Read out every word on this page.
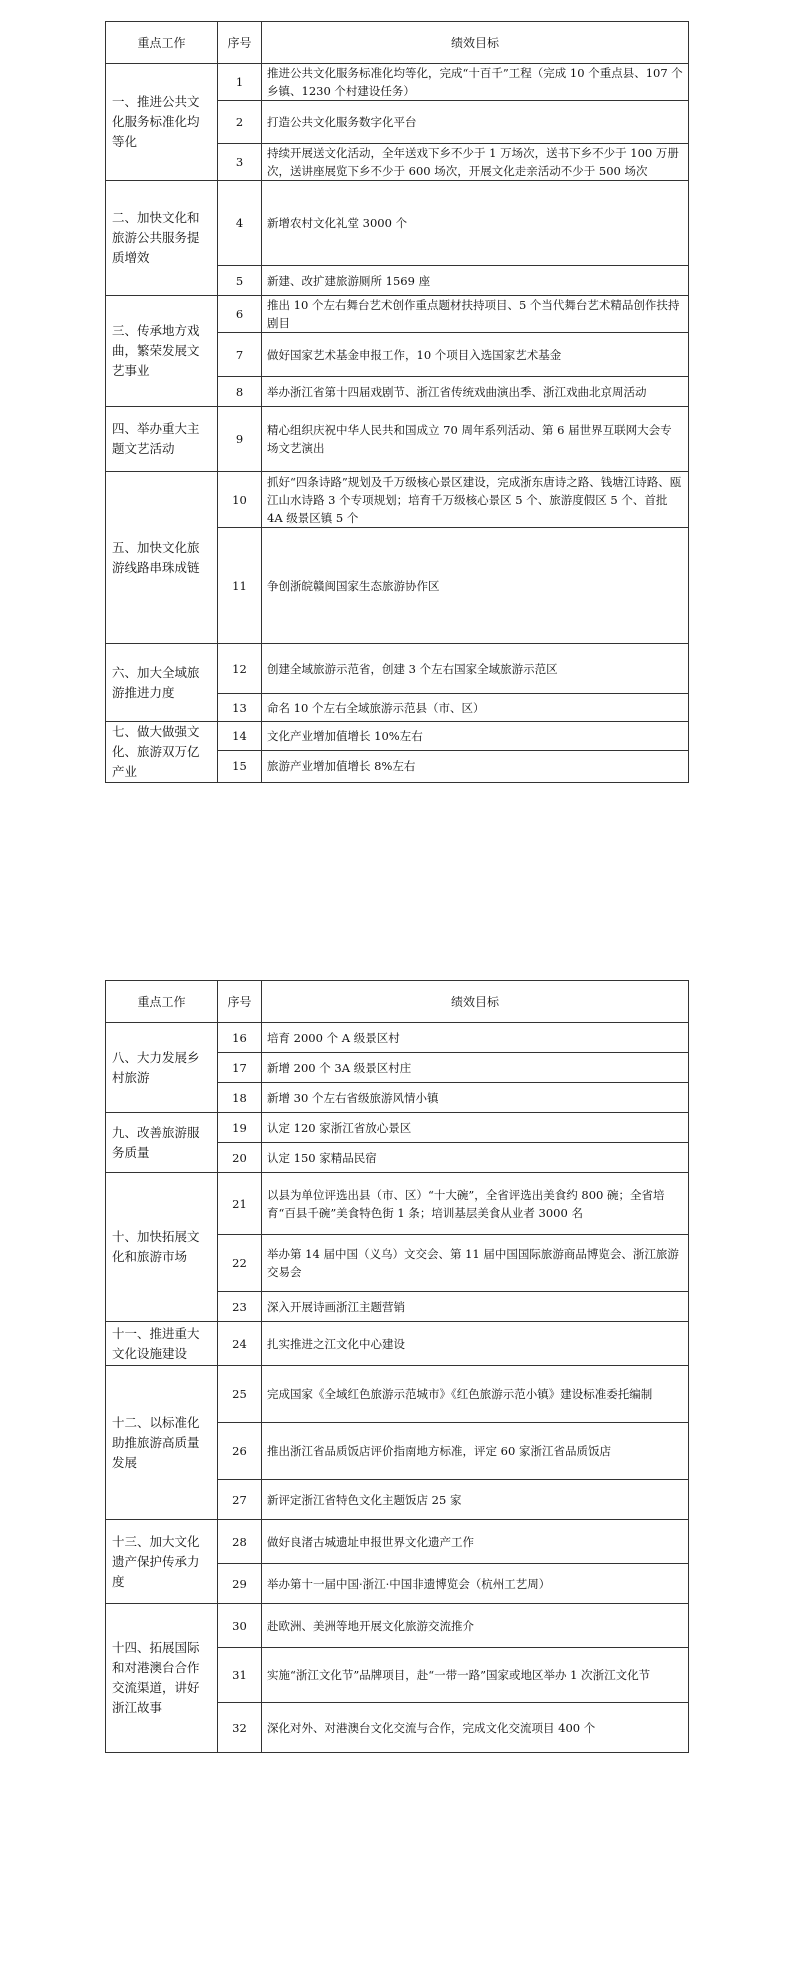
重点工作	序号	绩效目标
一、推进公共文化服务标准化均等化	1	推进公共文化服务标准化均等化，完成“十百千”工程（完成 10 个重点县、107 个乡镇、1230 个村建设任务）
	2	打造公共文化服务数字化平台
	3	持续开展送文化活动，全年送戏下乡不少于 1 万场次，送书下乡不少于 100 万册次，送讲座展览下乡不少于 600 场次，开展文化走亲活动不少于 500 场次
二、加快文化和旅游公共服务提质增效	4	新增农村文化礼堂 3000 个
	5	新建、改扩建旅游厕所 1569 座
三、传承地方戏曲，繁荣发展文艺事业	6	推出 10 个左右舞台艺术创作重点题材扶持项目、5 个当代舞台艺术精品创作扶持剧目
	7	做好国家艺术基金申报工作，10 个项目入选国家艺术基金
	8	举办浙江省第十四届戏剧节、浙江省传统戏曲演出季、浙江戏曲北京周活动
四、举办重大主题文艺活动	9	精心组织庆祝中华人民共和国成立 70 周年系列活动、第 6 届世界互联网大会专场文艺演出
五、加快文化旅游线路串珠成链	10	抓好“四条诗路”规划及千万级核心景区建设，完成浙东唐诗之路、钱塘江诗路、瓯江山水诗路 3 个专项规划；培育千万级核心景区 5 个、旅游度假区 5 个、首批 4A 级景区镇 5 个
	11	争创浙皖赣闽国家生态旅游协作区
六、加大全域旅游推进力度	12	创建全域旅游示范省，创建 3 个左右国家全域旅游示范区
	13	命名 10 个左右全域旅游示范县（市、区）
七、做大做强文化、旅游双万亿产业	14	文化产业增加值增长 10%左右
	15	旅游产业增加值增长 8%左右
重点工作	序号	绩效目标
八、大力发展乡村旅游	16	培育 2000 个 A 级景区村
	17	新增 200 个 3A 级景区村庄
	18	新增 30 个左右省级旅游风情小镇
九、改善旅游服务质量	19	认定 120 家浙江省放心景区
	20	认定 150 家精品民宿
十、加快拓展文化和旅游市场	21	以县为单位评选出县（市、区）“十大碗”，全省评选出美食约 800 碗；全省培育“百县千碗”美食特色街 1 条；培训基层美食从业者 3000 名
	22	举办第 14 届中国（义乌）文交会、第 11 届中国国际旅游商品博览会、浙江旅游交易会
	23	深入开展诗画浙江主题营销
十一、推进重大文化设施建设	24	扎实推进之江文化中心建设
十二、以标准化助推旅游高质量发展	25	完成国家《全域红色旅游示范城市》《红色旅游示范小镇》建设标准委托编制
	26	推出浙江省品质饭店评价指南地方标准，评定 60 家浙江省品质饭店
	27	新评定浙江省特色文化主题饭店 25 家
十三、加大文化遗产保护传承力度	28	做好良渚古城遗址申报世界文化遗产工作
	29	举办第十一届中国·浙江·中国非遗博览会（杭州工艺周）
十四、拓展国际和对港澳台合作交流渠道，讲好浙江故事	30	赴欧洲、美洲等地开展文化旅游交流推介
	31	实施“浙江文化节”品牌项目，赴“一带一路”国家或地区举办 1 次浙江文化节
	32	深化对外、对港澳台文化交流与合作，完成文化交流项目 400 个
